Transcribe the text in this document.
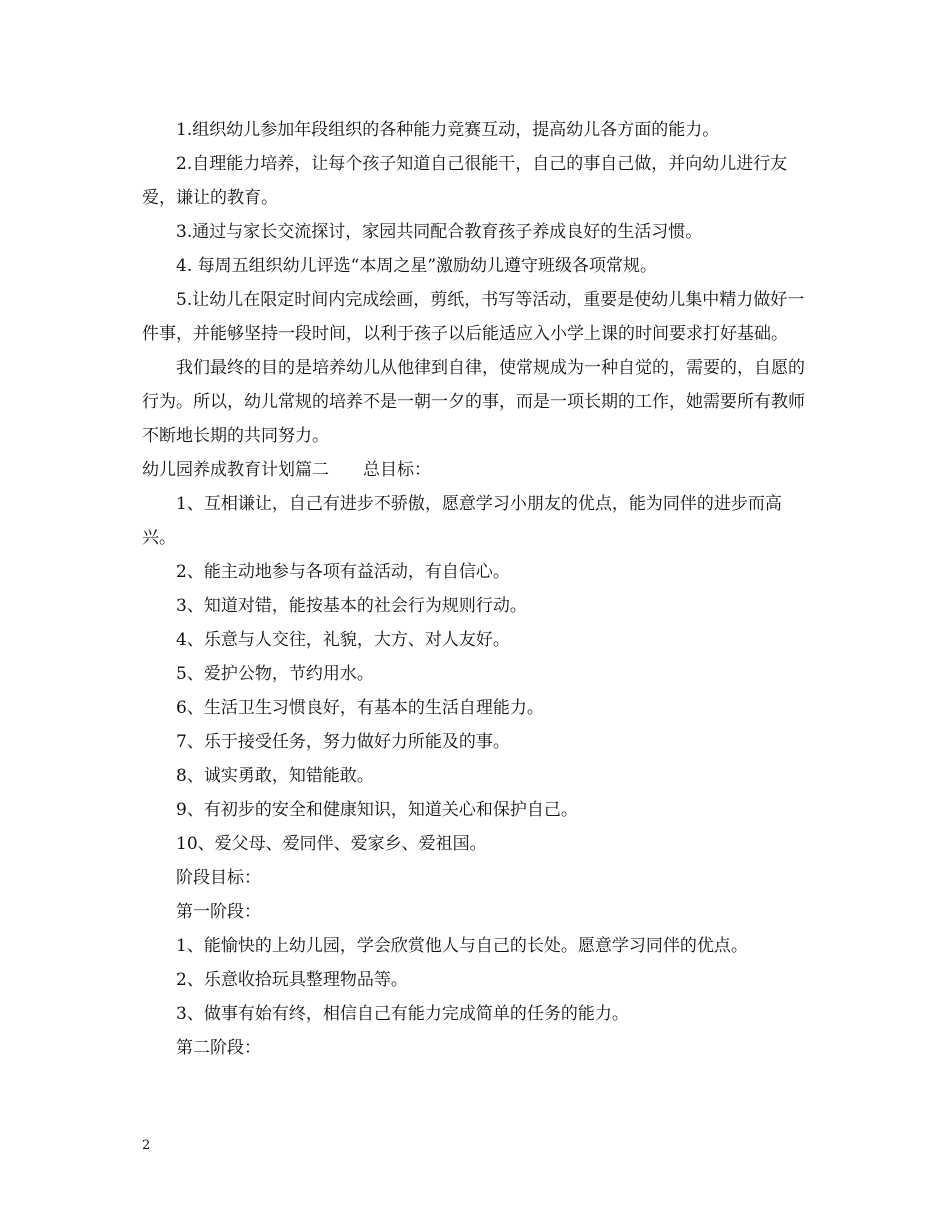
1.组织幼儿参加年段组织的各种能力竞赛互动，提高幼儿各方面的能力。

2.自理能力培养，让每个孩子知道自己很能干，自己的事自己做，并向幼儿进行友爱，谦让的教育。

3.通过与家长交流探讨，家园共同配合教育孩子养成良好的生活习惯。

4. 每周五组织幼儿评选“本周之星”激励幼儿遵守班级各项常规。

5.让幼儿在限定时间内完成绘画，剪纸，书写等活动，重要是使幼儿集中精力做好一件事，并能够坚持一段时间，以利于孩子以后能适应入小学上课的时间要求打好基础。

我们最终的目的是培养幼儿从他律到自律，使常规成为一种自觉的，需要的，自愿的行为。所以，幼儿常规的培养不是一朝一夕的事，而是一项长期的工作，她需要所有教师不断地长期的共同努力。

幼儿园养成教育计划篇二　　总目标：

1、互相谦让，自己有进步不骄傲，愿意学习小朋友的优点，能为同伴的进步而高兴。

2、能主动地参与各项有益活动，有自信心。

3、知道对错，能按基本的社会行为规则行动。

4、乐意与人交往，礼貌，大方、对人友好。

5、爱护公物，节约用水。

6、生活卫生习惯良好，有基本的生活自理能力。

7、乐于接受任务，努力做好力所能及的事。

8、诚实勇敢，知错能敢。

9、有初步的安全和健康知识，知道关心和保护自己。

10、爱父母、爱同伴、爱家乡、爱祖国。

阶段目标：

第一阶段：

1、能愉快的上幼儿园，学会欣赏他人与自己的长处。愿意学习同伴的优点。

2、乐意收拾玩具整理物品等。

3、做事有始有终，相信自己有能力完成简单的任务的能力。

第二阶段：

2
